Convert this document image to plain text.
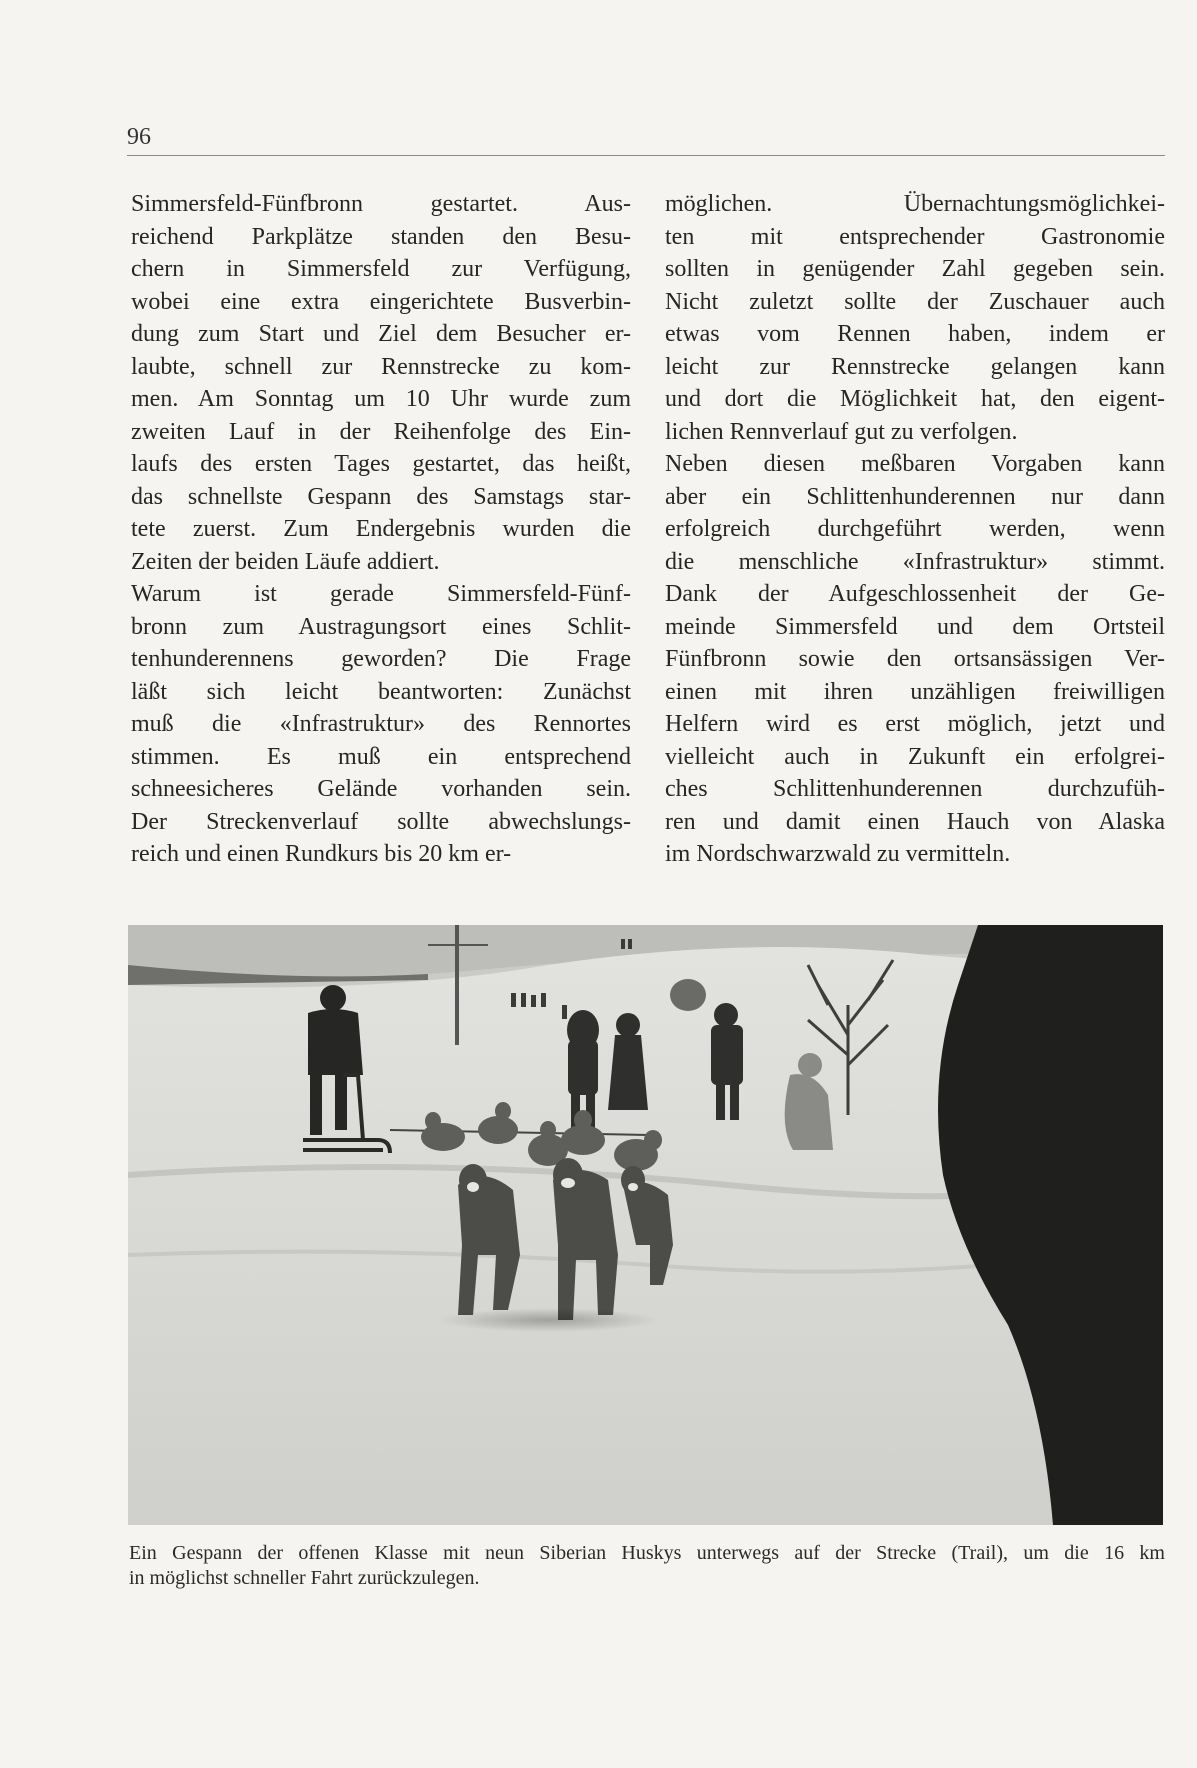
96
Simmersfeld-Fünfbronn gestartet. Aus-
reichend Parkplätze standen den Besu-
chern in Simmersfeld zur Verfügung,
wobei eine extra eingerichtete Busverbin-
dung zum Start und Ziel dem Besucher er-
laubte, schnell zur Rennstrecke zu kom-
men. Am Sonntag um 10 Uhr wurde zum
zweiten Lauf in der Reihenfolge des Ein-
laufs des ersten Tages gestartet, das heißt,
das schnellste Gespann des Samstags star-
tete zuerst. Zum Endergebnis wurden die
Zeiten der beiden Läufe addiert.
Warum ist gerade Simmersfeld-Fünf-
bronn zum Austragungsort eines Schlit-
tenhunderennens geworden? Die Frage
läßt sich leicht beantworten: Zunächst
muß die «Infrastruktur» des Rennortes
stimmen. Es muß ein entsprechend
schneesicheres Gelände vorhanden sein.
Der Streckenverlauf sollte abwechslungs-
reich und einen Rundkurs bis 20 km er-
möglichen. Übernachtungsmöglichkei-
ten mit entsprechender Gastronomie
sollten in genügender Zahl gegeben sein.
Nicht zuletzt sollte der Zuschauer auch
etwas vom Rennen haben, indem er
leicht zur Rennstrecke gelangen kann
und dort die Möglichkeit hat, den eigent-
lichen Rennverlauf gut zu verfolgen.
Neben diesen meßbaren Vorgaben kann
aber ein Schlittenhunderennen nur dann
erfolgreich durchgeführt werden, wenn
die menschliche «Infrastruktur» stimmt.
Dank der Aufgeschlossenheit der Ge-
meinde Simmersfeld und dem Ortsteil
Fünfbronn sowie den ortsansässigen Ver-
einen mit ihren unzähligen freiwilligen
Helfern wird es erst möglich, jetzt und
vielleicht auch in Zukunft ein erfolgrei-
ches Schlittenhunderennen durchzufüh-
ren und damit einen Hauch von Alaska
im Nordschwarzwald zu vermitteln.
Ein Gespann der offenen Klasse mit neun Siberian Huskys unterwegs auf der Strecke (Trail), um die 16 km
in möglichst schneller Fahrt zurückzulegen.
